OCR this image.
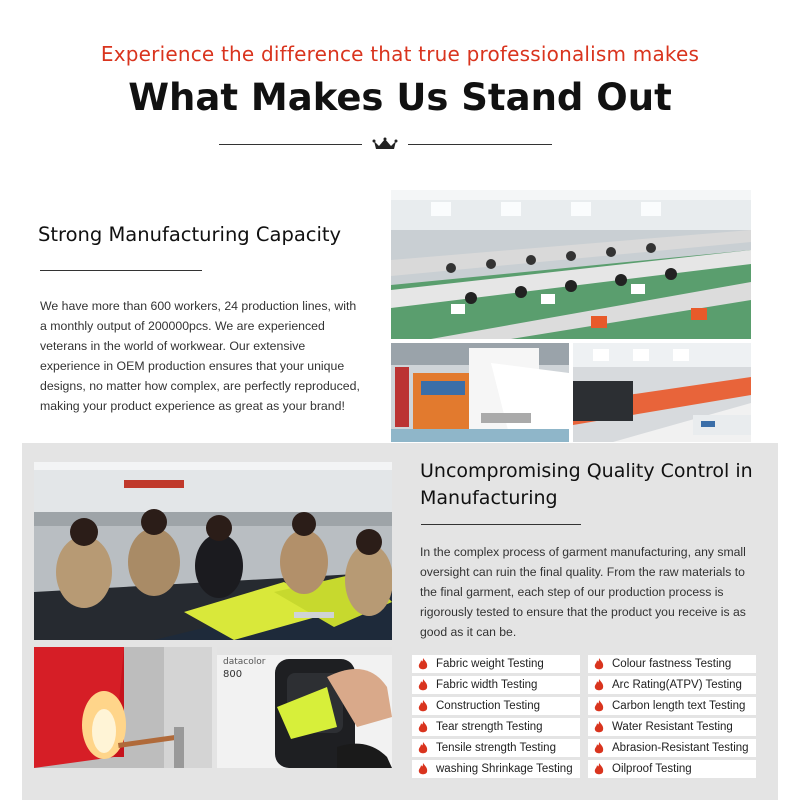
Experience the difference that true professionalism makes
What Makes Us Stand Out
Strong Manufacturing Capacity
We have more than 600 workers, 24 production lines, with a monthly output of 200000pcs. We are experienced veterans in the world of workwear. Our extensive experience in OEM production ensures that your unique designs, no matter how complex, are perfectly reproduced, making your product experience as great as your brand!
datacolor
800
Uncompromising Quality Control in Manufacturing
In the complex process of garment manufacturing, any small oversight can ruin the final quality. From the raw materials to the final garment, each step of our production process is rigorously tested to ensure that the product you receive is as good as it can be.
Fabric weight Testing
Fabric width Testing
Construction Testing
Tear strength Testing
Tensile strength Testing
washing Shrinkage Testing
Colour fastness Testing
Arc Rating(ATPV) Testing
Carbon length text Testing
Water Resistant Testing
Abrasion-Resistant Testing
Oilproof Testing
